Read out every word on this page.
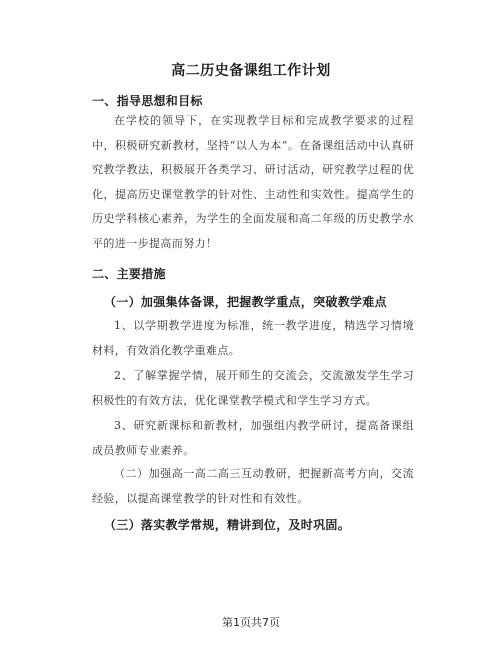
高二历史备课组工作计划
一、指导思想和目标

在学校的领导下，在实现教学目标和完成教学要求的过程中，积极研究新教材，坚持“以人为本”。在备课组活动中认真研究教学教法，积极展开各类学习、研讨活动，研究教学过程的优化，提高历史课堂教学的针对性、主动性和实效性。提高学生的历史学科核心素养，为学生的全面发展和高二年级的历史教学水平的进一步提高而努力！

二、主要措施
（一）加强集体备课，把握教学重点，突破教学难点

1、以学期教学进度为标准，统一教学进度，精选学习情境材料，有效消化教学重难点。

2、了解掌握学情，展开师生的交流会，交流激发学生学习积极性的有效方法，优化课堂教学模式和学生学习方式。

3、研究新课标和新教材，加强组内教学研讨，提高备课组成员教师专业素养。

（二）加强高一高二高三互动教研，把握新高考方向，交流经验，以提高课堂教学的针对性和有效性。

（三）落实教学常规，精讲到位，及时巩固。
第1页共7页
